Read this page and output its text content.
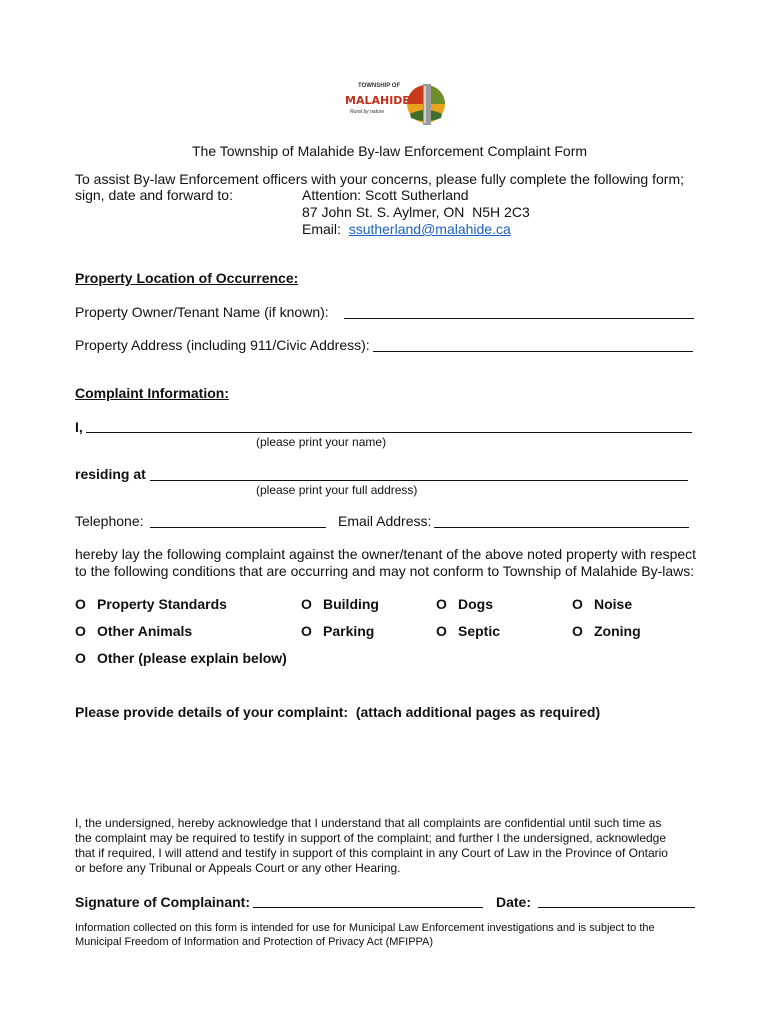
TOWNSHIP OF
MALAHIDE
Rural by nature
The Township of Malahide By-law Enforcement Complaint Form
To assist By-law Enforcement officers with your concerns, please fully complete the following form;
sign, date and forward to:	Attention: Scott Sutherland
87 John St. S. Aylmer, ON  N5H 2C3
Email: ssutherland@malahide.ca
Property Location of Occurrence:
Property Owner/Tenant Name (if known):
Property Address (including 911/Civic Address):
Complaint Information:
I,
(please print your name)
residing at
(please print your full address)
Telephone:	Email Address:
hereby lay the following complaint against the owner/tenant of the above noted property with respect
to the following conditions that are occurring and may not conform to Township of Malahide By-laws:
O Property Standards	O Building	O Dogs	O Noise
O Other Animals	O Parking	O Septic	O Zoning
O Other (please explain below)
Please provide details of your complaint:  (attach additional pages as required)
I, the undersigned, hereby acknowledge that I understand that all complaints are confidential until such time as
the complaint may be required to testify in support of the complaint; and further I the undersigned, acknowledge
that if required, I will attend and testify in support of this complaint in any Court of Law in the Province of Ontario
or before any Tribunal or Appeals Court or any other Hearing.
Signature of Complainant:	Date:
Information collected on this form is intended for use for Municipal Law Enforcement investigations and is subject to the
Municipal Freedom of Information and Protection of Privacy Act (MFIPPA)
